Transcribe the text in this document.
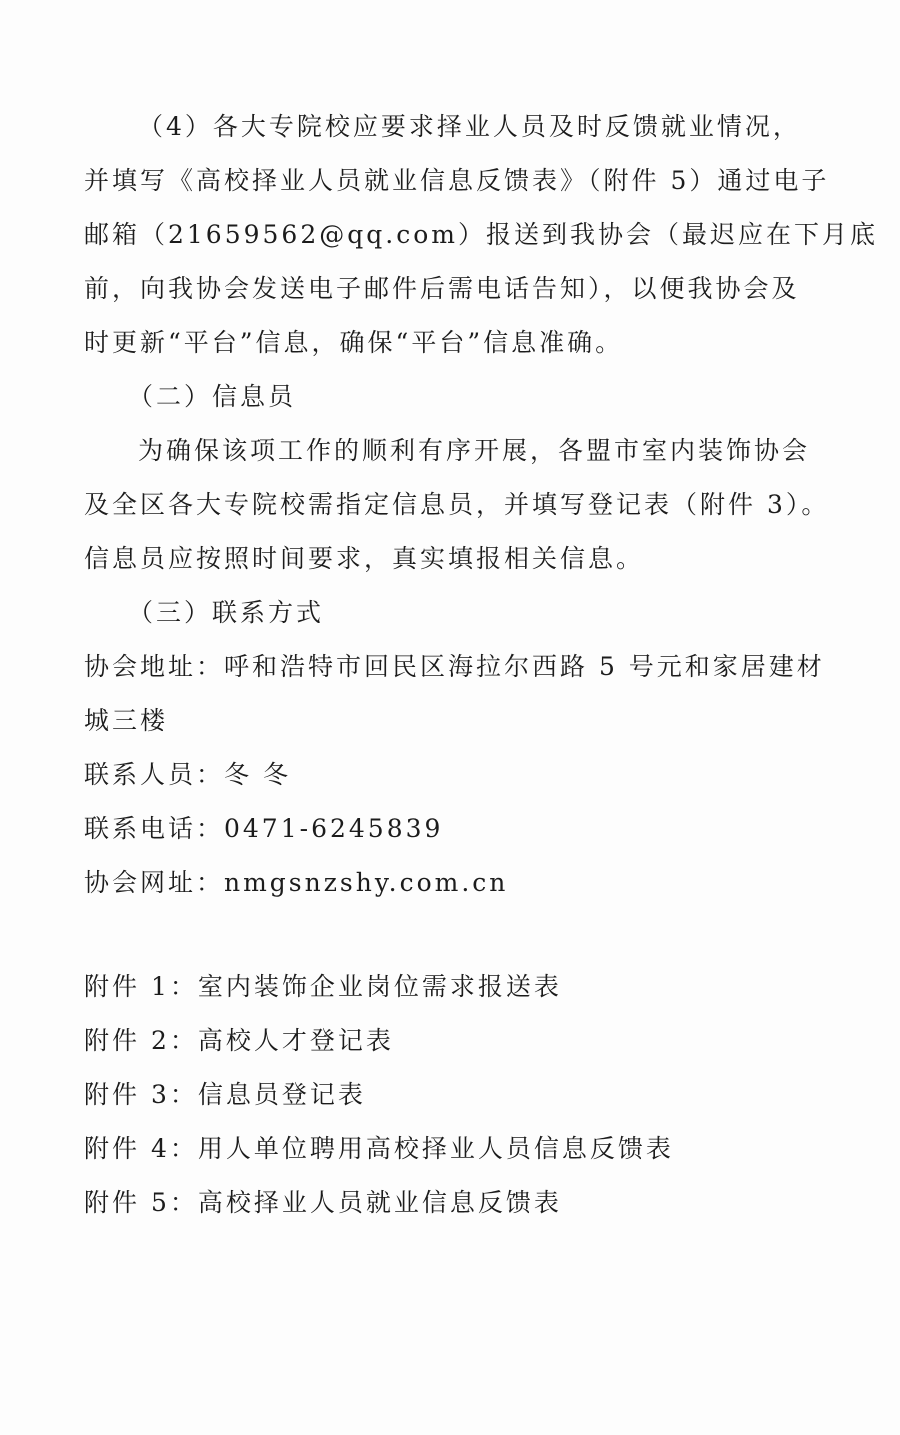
（4）各大专院校应要求择业人员及时反馈就业情况，
并填写《高校择业人员就业信息反馈表》（附件 5）通过电子
邮箱（21659562@qq.com）报送到我协会（最迟应在下月底
前，向我协会发送电子邮件后需电话告知），以便我协会及
时更新“平台”信息，确保“平台”信息准确。

（二）信息员
为确保该项工作的顺利有序开展，各盟市室内装饰协会
及全区各大专院校需指定信息员，并填写登记表（附件 3）。
信息员应按照时间要求，真实填报相关信息。

（三）联系方式
协会地址：呼和浩特市回民区海拉尔西路 5 号元和家居建材
城三楼
联系人员：冬 冬
联系电话：0471-6245839
协会网址：nmgsnzshy.com.cn
附件 1：室内装饰企业岗位需求报送表
附件 2：高校人才登记表
附件 3：信息员登记表
附件 4：用人单位聘用高校择业人员信息反馈表
附件 5：高校择业人员就业信息反馈表
